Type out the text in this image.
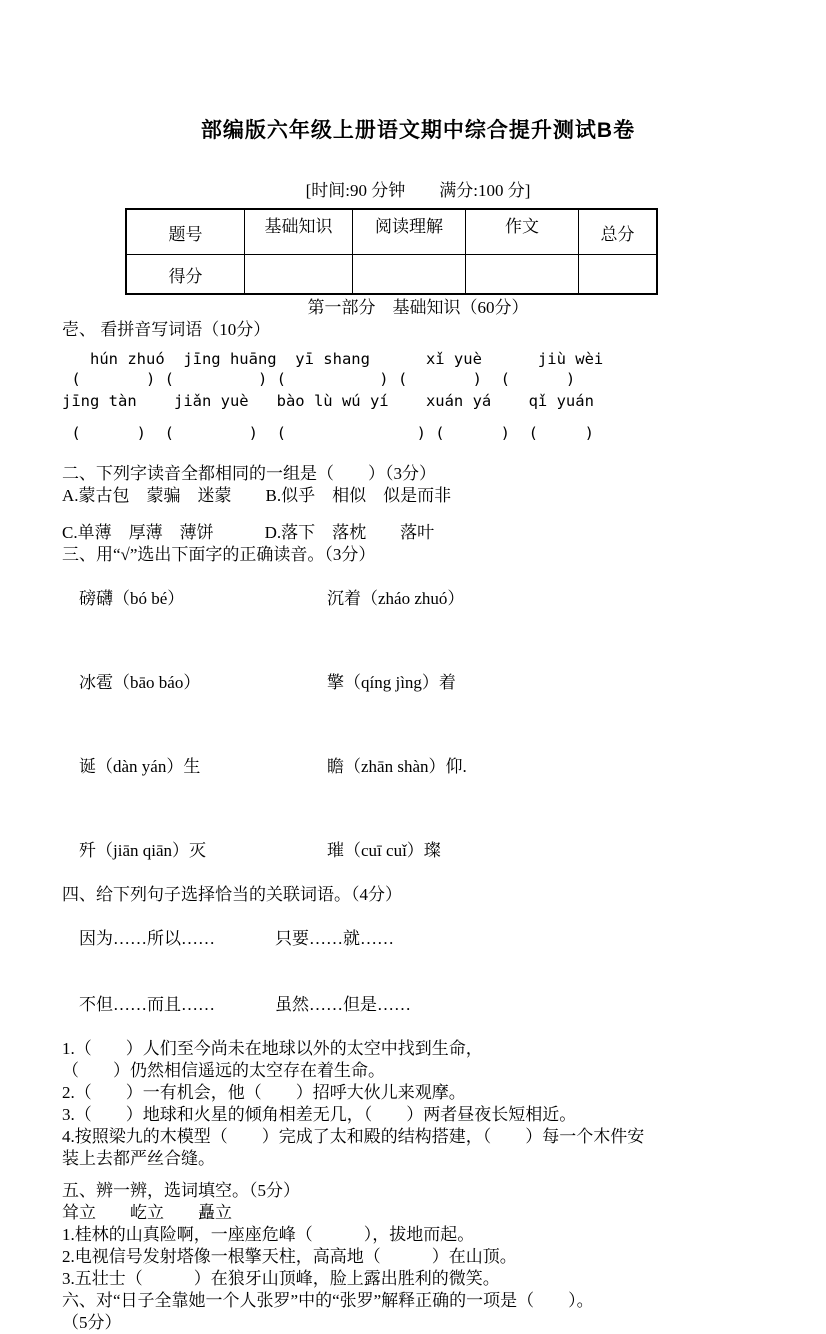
部编版六年级上册语文期中综合提升测试B卷
[时间:90 分钟　　满分:100 分]
题号	基础知识	阅读理解	作文	总分
得分				
第一部分　基础知识（60分）
壱、 看拼音写词语（10分）
hún zhuó  jīng huāng  yī shang      xǐ yuè      jiù wèi
(       ) (         ) (          ) (       )  (      )
jīng tàn    jiǎn yuè   bào lù wú yí    xuán yá    qǐ yuán
(      )  (        )  (              ) (      )  (     )
二、下列字读音全都相同的一组是（　　）（3分）
A.蒙古包　蒙骗　迷蒙　　B.似乎　相似　似是而非
C.单薄　厚薄　薄饼　　　D.落下　落枕　　落叶
三、用“√”选出下面字的正确读音。（3分）

磅礴（bó bé）	沉着（zháo zhuó）

冰雹（bāo báo）	擎（qíng jìng）着

诞（dàn yán）生	瞻（zhān shàn）仰.

歼（jiān qiān）灭	璀（cuī cuǐ）璨

四、给下列句子选择恰当的关联词语。（4分）

因为……所以……	只要……就……

不但……而且……	虽然……但是……

1.（　　）人们至今尚未在地球以外的太空中找到生命，
（　　）仍然相信遥远的太空存在着生命。
2.（　　）一有机会，他（　　）招呼大伙儿来观摩。
3.（　　）地球和火星的倾角相差无几，（　　）两者昼夜长短相近。
4.按照梁九的木模型（　　）完成了太和殿的结构搭建，（　　）每一个木件安
装上去都严丝合缝。
五、辨一辨，选词填空。（5分）
耸立　　屹立　　矗立
1.桂林的山真险啊，一座座危峰（　　　），拔地而起。
2.电视信号发射塔像一根擎天柱，高高地（　　　）在山顶。
3.五壮士（　　　）在狼牙山顶峰，脸上露出胜利的微笑。
六、对“日子全靠她一个人张罗”中的“张罗”解释正确的一项是（　　）。
（5分）
